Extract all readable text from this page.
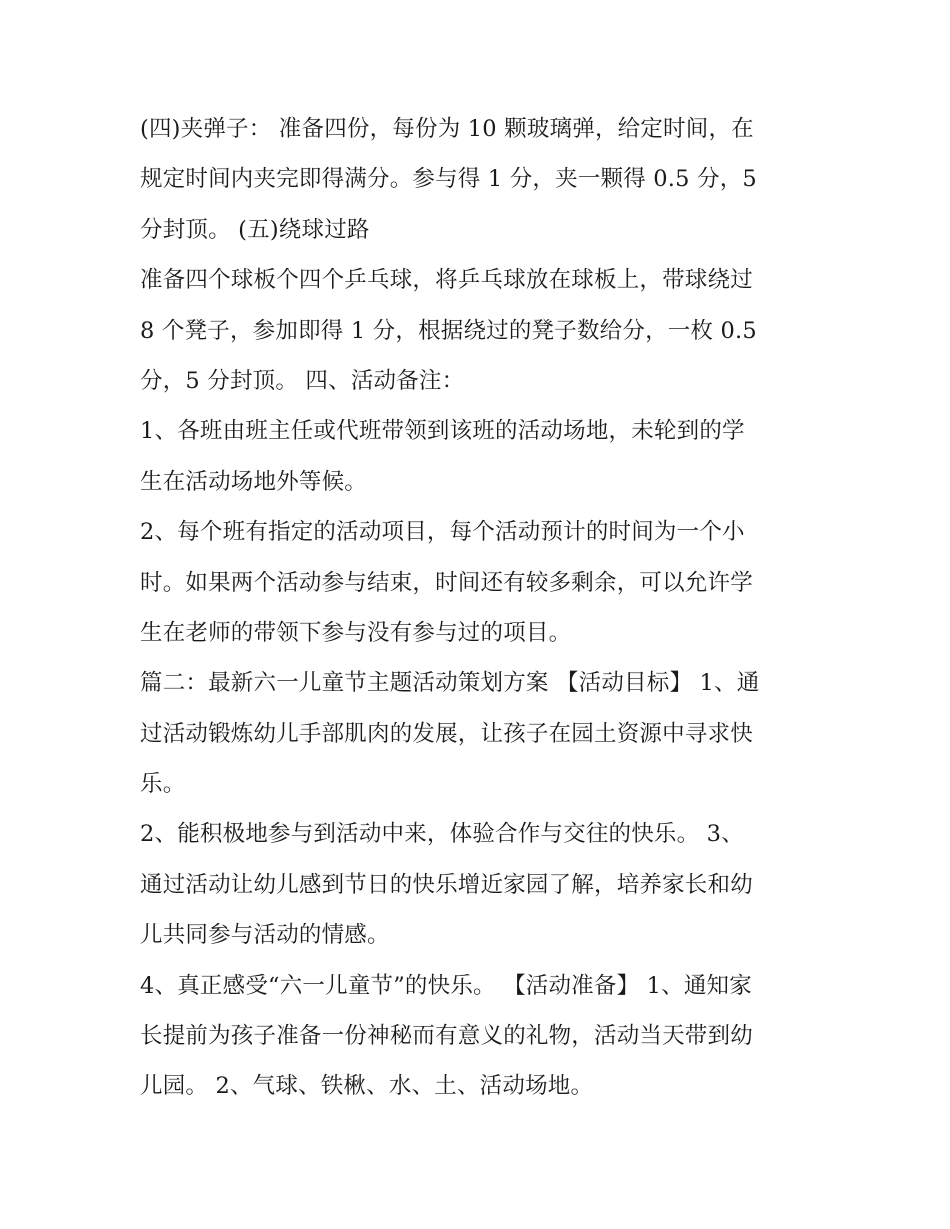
(四)夹弹子： 准备四份，每份为 10 颗玻璃弹，给定时间，在
规定时间内夹完即得满分。参与得 1 分，夹一颗得 0.5 分，5
分封顶。 (五)绕球过路
准备四个球板个四个乒乓球，将乒乓球放在球板上，带球绕过
8 个凳子，参加即得 1 分，根据绕过的凳子数给分，一枚 0.5
分，5 分封顶。 四、活动备注：
1、各班由班主任或代班带领到该班的活动场地，未轮到的学
生在活动场地外等候。
2、每个班有指定的活动项目，每个活动预计的时间为一个小
时。如果两个活动参与结束，时间还有较多剩余，可以允许学
生在老师的带领下参与没有参与过的项目。
篇二：最新六一儿童节主题活动策划方案 【活动目标】 1、通
过活动锻炼幼儿手部肌肉的发展，让孩子在园土资源中寻求快
乐。
2、能积极地参与到活动中来，体验合作与交往的快乐。 3、
通过活动让幼儿感到节日的快乐增近家园了解，培养家长和幼
儿共同参与活动的情感。
4、真正感受“六一儿童节”的快乐。 【活动准备】 1、通知家
长提前为孩子准备一份神秘而有意义的礼物，活动当天带到幼
儿园。 2、气球、铁楸、水、土、活动场地。
